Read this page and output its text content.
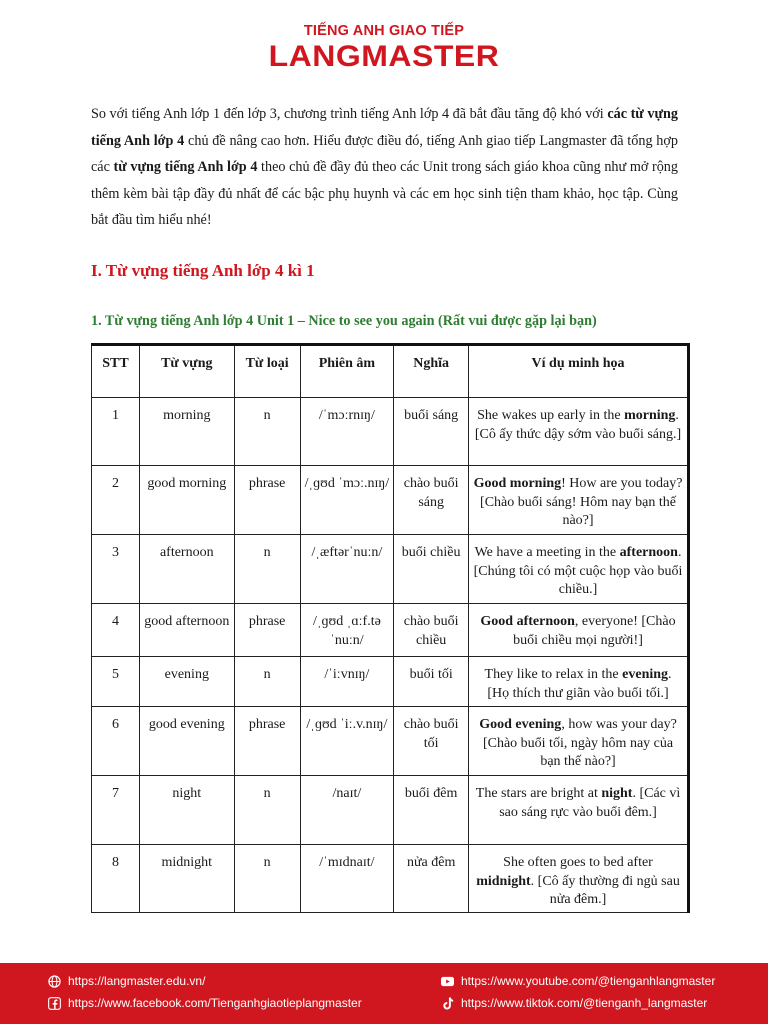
TIẾNG ANH GIAO TIẾP
LANGMASTER

So với tiếng Anh lớp 1 đến lớp 3, chương trình tiếng Anh lớp 4 đã bắt đầu tăng độ khó với các từ vựng tiếng Anh lớp 4 chủ đề nâng cao hơn. Hiểu được điều đó, tiếng Anh giao tiếp Langmaster đã tổng hợp các từ vựng tiếng Anh lớp 4 theo chủ đề đầy đủ theo các Unit trong sách giáo khoa cũng như mở rộng thêm kèm bài tập đầy đủ nhất để các bậc phụ huynh và các em học sinh tiện tham khảo, học tập. Cùng bắt đầu tìm hiểu nhé!

I. Từ vựng tiếng Anh lớp 4 kì 1
1. Từ vựng tiếng Anh lớp 4 Unit 1 – Nice to see you again (Rất vui được gặp lại bạn)
STT	Từ vựng	Từ loại	Phiên âm	Nghĩa	Ví dụ minh họa
1	morning	n	/ˈmɔːrnɪŋ/	buổi sáng	She wakes up early in the morning. [Cô ấy thức dậy sớm vào buổi sáng.]
2	good morning	phrase	/ˌɡʊd ˈmɔː.nɪŋ/	chào buổi sáng	Good morning! How are you today? [Chào buổi sáng! Hôm nay bạn thế nào?]
3	afternoon	n	/ˌæftərˈnuːn/	buổi chiều	We have a meeting in the afternoon. [Chúng tôi có một cuộc họp vào buổi chiều.]
4	good afternoon	phrase	/ˌɡʊd ˌɑːf.təˈnuːn/	chào buổi chiều	Good afternoon, everyone! [Chào buổi chiều mọi người!]
5	evening	n	/ˈiːvnɪŋ/	buổi tối	They like to relax in the evening. [Họ thích thư giãn vào buổi tối.]
6	good evening	phrase	/ˌɡʊd ˈiː.v.nɪŋ/	chào buổi tối	Good evening, how was your day? [Chào buổi tối, ngày hôm nay của bạn thế nào?]
7	night	n	/naɪt/	buổi đêm	The stars are bright at night. [Các vì sao sáng rực vào buổi đêm.]
8	midnight	n	/ˈmɪdnaɪt/	nửa đêm	She often goes to bed after midnight. [Cô ấy thường đi ngủ sau nửa đêm.]
https://langmaster.edu.vn/
https://www.facebook.com/Tienganhgiaotieplangmaster
https://www.youtube.com/@tienganhlangmaster
https://www.tiktok.com/@tienganh_langmaster
